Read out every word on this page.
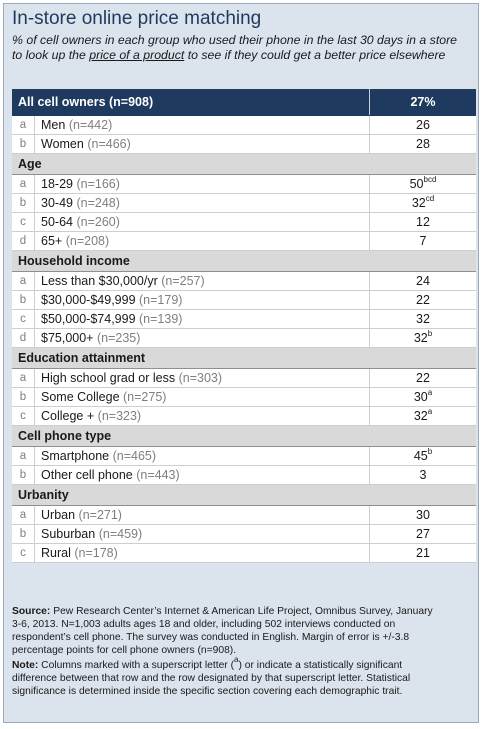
In-store online price matching
% of cell owners in each group who used their phone in the last 30 days in a store
to look up the price of a product to see if they could get a better price elsewhere
All cell owners (n=908)		27%
a	Men (n=442)	26
b	Women (n=466)	28
Age		
a	18-29 (n=166)	$50^{bcd}$
b	30-49 (n=248)	$32^{cd}$
c	50-64 (n=260)	12
d	65+ (n=208)	7
Household income		
a	Less than $30,000/yr (n=257)	24
b	$30,000-$49,999 (n=179)	22
c	$50,000-$74,999 (n=139)	32
d	$75,000+ (n=235)	32$^b$
Education attainment		
a	High school grad or less (n=303)	22
b	Some College (n=275)	30$^a$
c	College + (n=323)	32$^a$
Cell phone type		
a	Smartphone (n=465)	45$^b$
b	Other cell phone (n=443)	3
Urbanity		
a	Urban (n=271)	30
b	Suburban (n=459)	27
c	Rural (n=178)	21

Source: Pew Research Center’s Internet & American Life Project, Omnibus Survey, January
3-6, 2013. N=1,003 adults ages 18 and older, including 502 interviews conducted on
respondent’s cell phone. The survey was conducted in English. Margin of error is +/-3.8
percentage points for cell phone owners (n=908).

Note: Columns marked with a superscript letter ($^a$) or indicate a statistically significant
difference between that row and the row designated by that superscript letter. Statistical
significance is determined inside the specific section covering each demographic trait.
